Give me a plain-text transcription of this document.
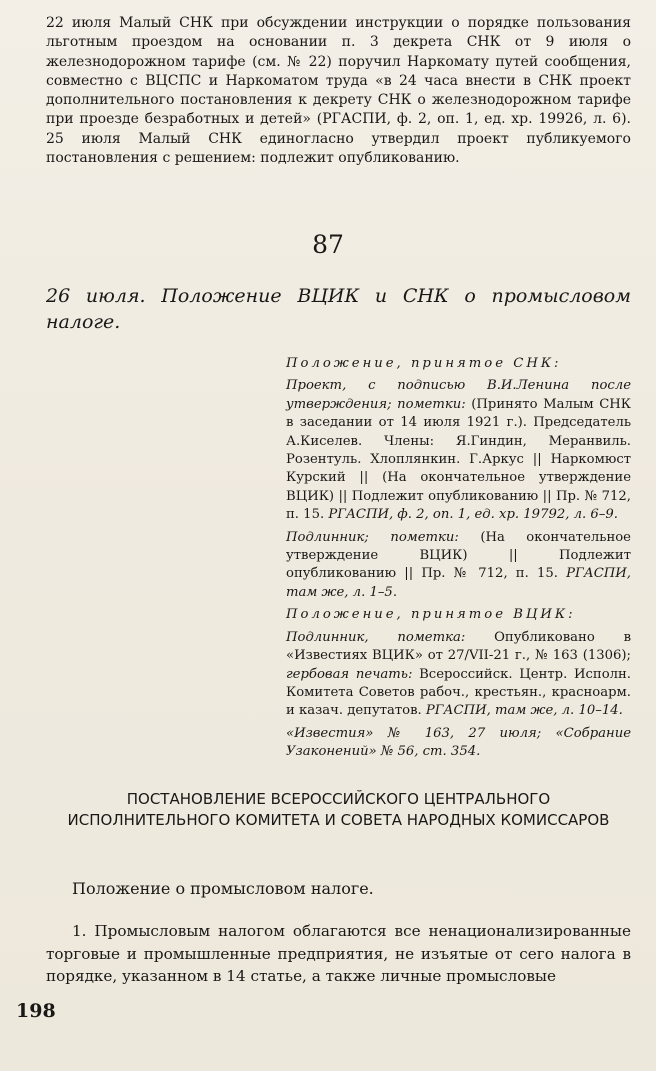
22 июля Малый СНК при обсуждении инструкции о порядке пользования льготным проездом на основании п. 3 декрета СНК от 9 июля о железнодорожном тарифе (см. № 22) поручил Наркомату путей сообщения, совместно с ВЦСПС и Наркоматом труда «в 24 часа внести в СНК проект дополнительного постановления к декрету СНК о железнодорожном тарифе при проезде безработных и детей» (РГАСПИ, ф. 2, оп. 1, ед. хр. 19926, л. 6). 25 июля Малый СНК единогласно утвердил проект публикуемого постановления с решением: подлежит опубликованию.
87
26 июля. Положение ВЦИК и СНК о промысловом налоге.

Положение, принятое СНК:

Проект, с подписью В.И.Ленина после утверждения; пометки: (Принято Малым СНК в заседании от 14 июля 1921 г.). Председатель А.Киселев. Члены: Я.Гиндин, Меранвиль. Розентуль. Хлоплянкин. Г.Аркус || Наркомюст Курский || (На окончательное утверждение ВЦИК) || Подлежит опубликованию || Пр. № 712, п. 15. РГАСПИ, ф. 2, оп. 1, ед. хр. 19792, л. 6–9.

Подлинник; пометки: (На окончательное утверждение ВЦИК) || Подлежит опубликованию || Пр. № 712, п. 15. РГАСПИ, там же, л. 1–5.

Положение, принятое ВЦИК:

Подлинник, пометка: Опубликовано в «Известиях ВЦИК» от 27/VII-21 г., № 163 (1306); гербовая печать: Всероссийск. Центр. Исполн. Комитета Советов рабоч., крестьян., красноарм. и казач. депутатов. РГАСПИ, там же, л. 10–14.

«Известия» № 163, 27 июля; «Собрание Узаконений» № 56, ст. 354.

ПОСТАНОВЛЕНИЕ ВСЕРОССИЙСКОГО ЦЕНТРАЛЬНОГО ИСПОЛНИТЕЛЬНОГО КОМИТЕТА И СОВЕТА НАРОДНЫХ КОМИССАРОВ
Положение о промысловом налоге.
1. Промысловым налогом облагаются все ненационализированные торговые и промышленные предприятия, не изъятые от сего налога в порядке, указанном в 14 статье, а также личные промысловые
198
